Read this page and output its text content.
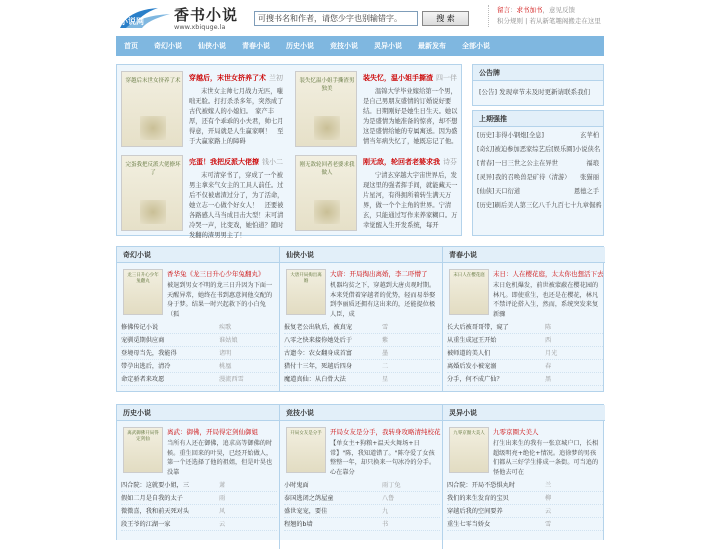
小说网 香书小说
www.xbiquge.la
可搜书名和作者，请您少字也别输错字。
搜 索
留言：求书加书，意见反馈
积分规则 | 若从新笔趣阁搬走在这里
首页	奇幻小说	仙侠小说	青春小说	历史小说	竞技小说	灵异小说	最新发布	全部小说
穿越后末世女挤养了术 穿越后，末世女挤养了术 兰初
末世女主帅七月战力无匹，嗤咄无脸。打打杀杀多年，突然成了古代被嫁人的小媳妇。　家产丰厚，还有个乖乖的小夫君，帅七月得意，开局就是人生赢家啊！　至于大赢家路上的障碍
装失忆温小姐手撕渣男独美
装失忆，温小姐手撕渣 四一伴
温锦大学毕业嫁给第一个男，是自己男朋友盛情的订婚说好要结。日期刚好是她生日生天。她以为是盛情为她准备的惊喜，却不想这是盛情给她的专属寓送。因为盛情当年病失忆了，她既忘记了他。
完蛋我把反派大佬撩坏了
完蛋！我把反派大佬撩 钱小二
末可清穿书了，穿成了一个被男主拿来气女主的工具人前任。过后不仅被虐渣过分了，为了活命，她立志一心做个好女人！　还要被各路感人马当成目击大型！末可清冷哭一声，比变戏，她怕道？随时发翻的渣男男主了！
刚无敌轮回者老婆求我做人
刚无敌，轮回者老婆求我 诗芬
宁清玄穿越大宇宙世界后，发现这里的强者挥手间，就能藏天一片星河，有得拥所着转生满天万界，做一个个主角的世界。宁清玄，只能通过写作来养家糊口。万幸觉醒入生开发系统，每开
公告牌
[公告] 发现章节未及时更新请联系我们
上期强推
[历史] 非得小钢炮[全息]	玄苹柏
[奇幻] 被迫参加恶家综艺后[娱乐圈]小说 侠名
[青春] 一日三世之公主在异世	福琅
[灵异] 我的召唤兽是矿待（清游）	张猫丽
[仙侠] 天口衍道	恩德之手
[历史] 刷后美人第三亿八千九百七十九章 倔鸦
奇幻小说
龙三日升心少年兔翻丸
香华兔《龙三日升心少年兔翻丸》
被退到男女不明的龙三日升因为下面一天醒异常，她终在书到惠意间他交配的身于梦。结果一时兴起救下的小白兔（狐
修佛传记小说	疾歌
宠驯觅期供应商	谁姑娘
登境母当先，我能得	诸明
带孕出逃后，清冷	桃凰
命定骄者来攻愿	漫流西雪
仙侠小说
大唐开局掏出离婚
大唐：开局掏出离婚，李二吓懵了
机器均贫之下，穿越到大唐贞观时期。本来凭借着穿越者的优势，轻而易举娶到李丽质还拥有这出来的，还能提位极人臣，成
报复老公出轨后，被真宠	雪
八零之快来接你她处后于	紫
古遗今：农女翻身成首富	墨
猎付十三年，死越后四身	二
魔道真仙：从白骨大法	星
青春小说
末日人在樱花庭	末日：人在樱花庭，太太你也想活下去
末日危机爆发，前世被蒙蔽在樱花园的林凡。即使重生，也还是在樱花，林凡不禁评论搭入生，然而，系统突发来复新骤
长大后被哥哥带，窥了	陈
从重生成冠王开始	西
被师道的美人们	月光
离婚后发小被宠溺	春
分手，何不成广仙？	黑
历史小说
离武御佛开局得定剑仙
离武：御佛，开局得定剑仙御姐
当所有人还在御佛，追求高等御佛的时候。重生回来的叶昊，已经开始做人，第一个还选择了他的祖姐，但是叶昊也没靠
四合院：这就要小姐，三	萧
假如二月是自我的太子	雨
微微喜，我和前天死对头	风
段王爷的江湖一家	云
竞技小说
开局女友是分手	开局女友是分手，我转身攻略清纯校花
【单女主+狗粮+温天火舞场+日常】"陈，我知道错了。"陈夺爱了女孩整整一年，却只换来一句冰冷的分手。心在靠分
小时鬼面	雨丁兔
泰国逃闭之鸽屋童	八鲁
盛世宠宠，要佳	九
程翘的b墙	书
灵异小说
九零京圈大美人	九零京圈大美人
打生出来生的我有一张京城户口，长相超级明亮+绝伦+情况。追徐梦的男孩们都从三好学生排成一条街。可当追的怪他去可在
四合院：开局不恐惧丸时	兰
我们的来生发育的宝贝	柳
穿越后我的空间要养	云
重生七零当娇女	雪
